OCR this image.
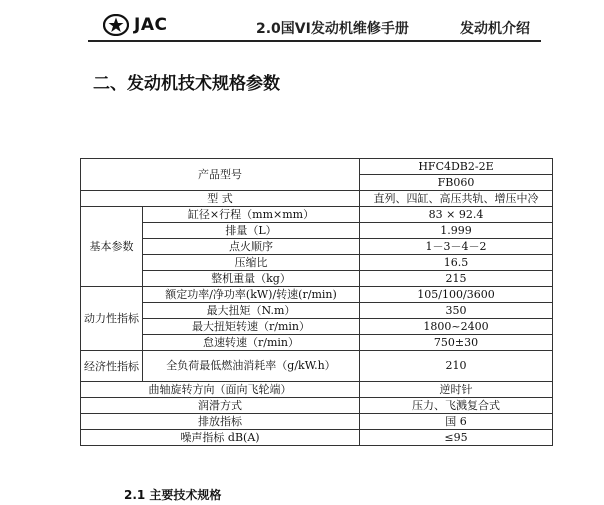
JAC	2.0国VI发动机维修手册	发动机介绍
二、发动机技术规格参数
产品型号		HFC4DB2-2E
		FB060
型 式		直列、四缸、高压共轨、增压中冷
基本参数	缸径×行程（mm×mm）	83 × 92.4
	排量（L）	1.999
	点火顺序	1－3－4－2
	压缩比	16.5
	整机重量（kg）	215
动力性指标	额定功率/净功率(kW)/转速(r/min)	105/100/3600
	最大扭矩（N.m）	350
	最大扭矩转速（r/min）	1800~2400
	怠速转速（r/min）	750±30
经济性指标	全负荷最低燃油消耗率（g/kW.h）	210
曲轴旋转方向（面向飞轮端）		逆时针
润滑方式		压力、飞溅复合式
排放指标		国 6
噪声指标 dB(A)		≤95
2.1 主要技术规格
